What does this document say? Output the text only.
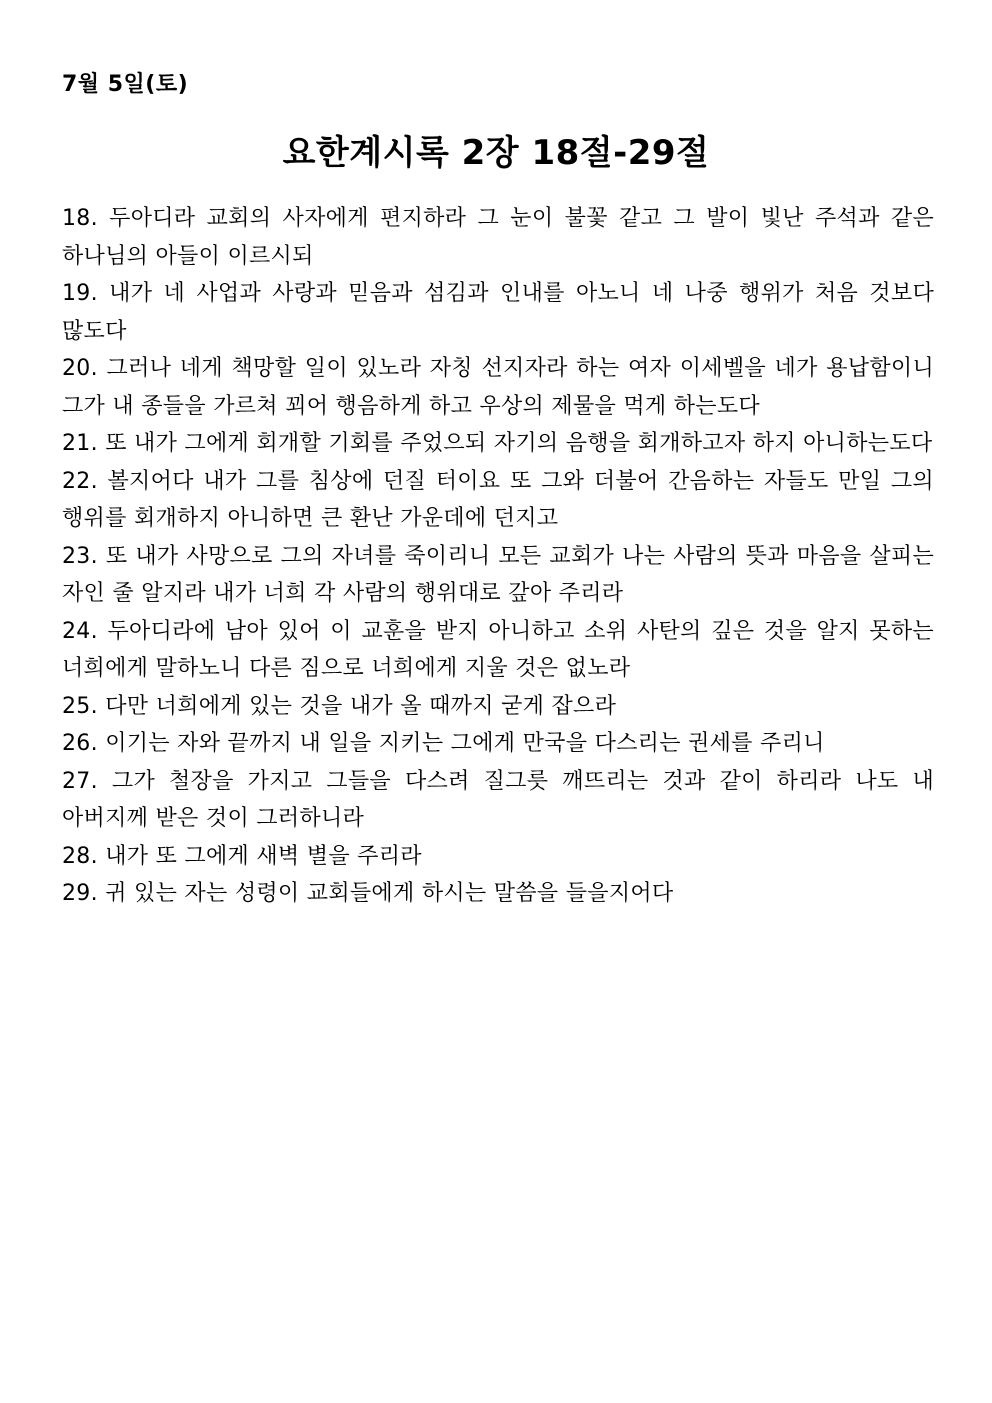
7월 5일(토)
요한계시록 2장 18절-29절
18. 두아디라 교회의 사자에게 편지하라 그 눈이 불꽃 같고 그 발이 빛난 주석과 같은 하나님의 아들이 이르시되
19. 내가 네 사업과 사랑과 믿음과 섬김과 인내를 아노니 네 나중 행위가 처음 것보다 많도다
20. 그러나 네게 책망할 일이 있노라 자칭 선지자라 하는 여자 이세벨을 네가 용납함이니 그가 내 종들을 가르쳐 꾀어 행음하게 하고 우상의 제물을 먹게 하는도다
21. 또 내가 그에게 회개할 기회를 주었으되 자기의 음행을 회개하고자 하지 아니하는도다
22. 볼지어다 내가 그를 침상에 던질 터이요 또 그와 더불어 간음하는 자들도 만일 그의 행위를 회개하지 아니하면 큰 환난 가운데에 던지고
23. 또 내가 사망으로 그의 자녀를 죽이리니 모든 교회가 나는 사람의 뜻과 마음을 살피는 자인 줄 알지라 내가 너희 각 사람의 행위대로 갚아 주리라
24. 두아디라에 남아 있어 이 교훈을 받지 아니하고 소위 사탄의 깊은 것을 알지 못하는 너희에게 말하노니 다른 짐으로 너희에게 지울 것은 없노라
25. 다만 너희에게 있는 것을 내가 올 때까지 굳게 잡으라
26. 이기는 자와 끝까지 내 일을 지키는 그에게 만국을 다스리는 권세를 주리니
27. 그가 철장을 가지고 그들을 다스려 질그릇 깨뜨리는 것과 같이 하리라 나도 내 아버지께 받은 것이 그러하니라
28. 내가 또 그에게 새벽 별을 주리라
29. 귀 있는 자는 성령이 교회들에게 하시는 말씀을 들을지어다
